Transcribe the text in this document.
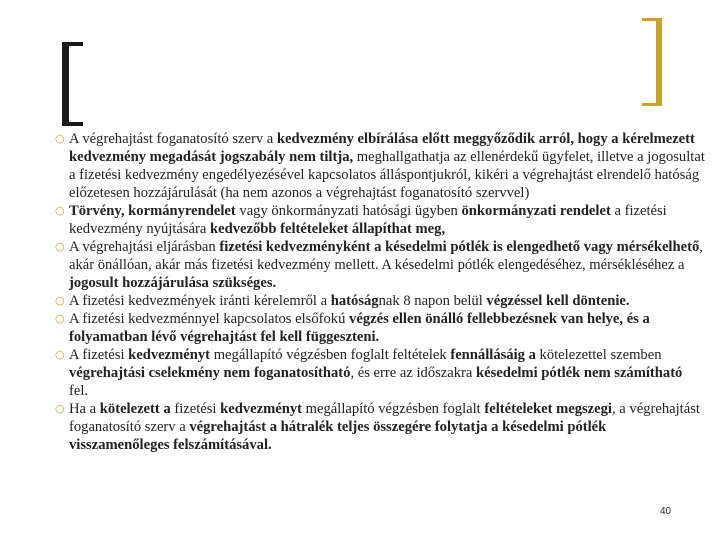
○ A végrehajtást foganatosító szerv a kedvezmény elbírálása előtt meggyőződik arról, hogy a kérelmezett kedvezmény megadását jogszabály nem tiltja, meghallgathatja az ellenérdekű ügyfelet, illetve a jogosultat a fizetési kedvezmény engedélyezésével kapcsolatos álláspontjukról, kikéri a végrehajtást elrendelő hatóság előzetesen hozzájárulását (ha nem azonos a végrehajtást foganatosító szervvel)
○ Törvény, kormányrendelet vagy önkormányzati hatósági ügyben önkormányzati rendelet a fizetési kedvezmény nyújtására kedvezőbb feltételeket állapíthat meg,
○ A végrehajtási eljárásban fizetési kedvezményként a késedelmi pótlék is elengedhető vagy mérsékelhető, akár önállóan, akár más fizetési kedvezmény mellett. A késedelmi pótlék elengedéséhez, mérsékléséhez a jogosult hozzájárulása szükséges.
○ A fizetési kedvezmények iránti kérelemről a hatóságnak 8 napon belül végzéssel kell döntenie.
○ A fizetési kedvezménnyel kapcsolatos elsőfokú végzés ellen önálló fellebbezésnek van helye, és a folyamatban lévő végrehajtást fel kell függeszteni.
○ A fizetési kedvezményt megállapító végzésben foglalt feltételek fennállásáig a kötelezettel szemben végrehajtási cselekmény nem foganatosítható, és erre az időszakra késedelmi pótlék nem számítható fel.
○ Ha a kötelezett a fizetési kedvezményt megállapító végzésben foglalt feltételeket megszegi, a végrehajtást foganatosító szerv a végrehajtást a hátralék teljes összegére folytatja a késedelmi pótlék visszamenőleges felszámításával.
40
